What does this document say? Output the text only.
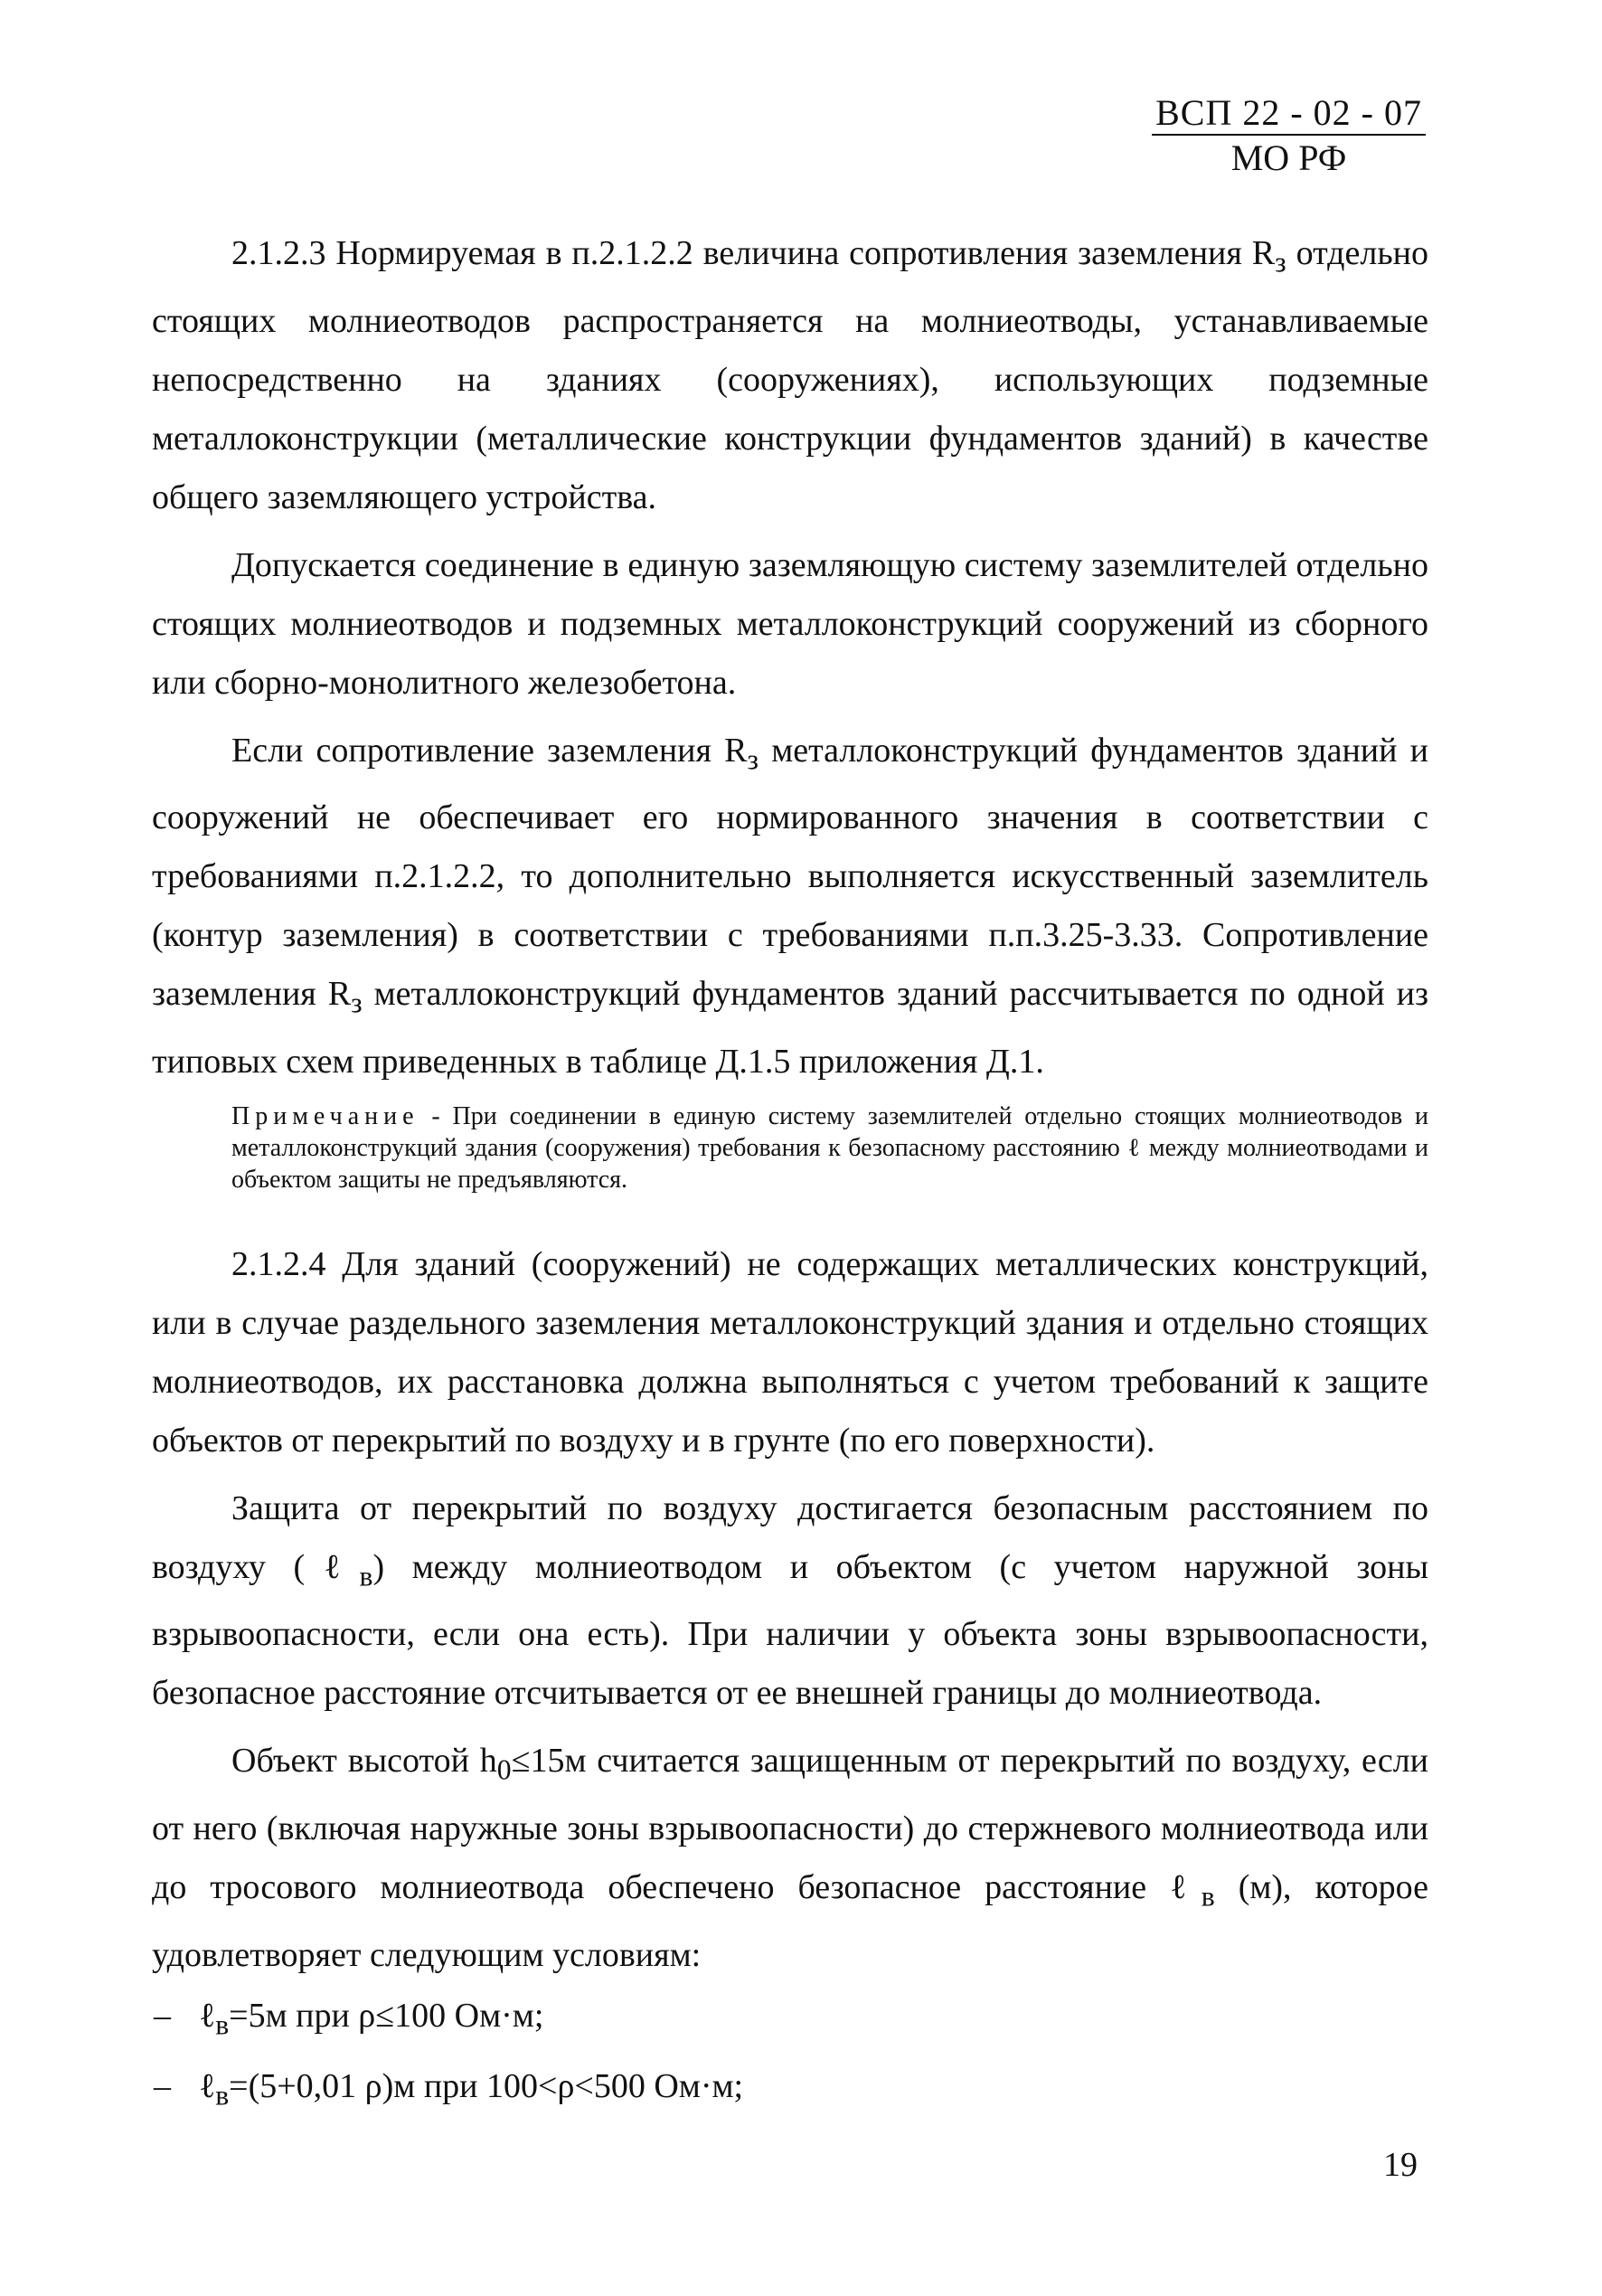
ВСП 22 - 02 - 07
МО РФ

2.1.2.3 Нормируемая в п.2.1.2.2 величина сопротивления заземления $R_з$ отдельно стоящих молниеотводов распространяется на молниеотводы, устанавливаемые непосредственно на зданиях (сооружениях), использующих подземные металлоконструкции (металлические конструкции фундаментов зданий) в качестве общего заземляющего устройства.

Допускается соединение в единую заземляющую систему заземлителей отдельно стоящих молниеотводов и подземных металлоконструкций сооружений из сборного или сборно-монолитного железобетона.

Если сопротивление заземления $R_з$ металлоконструкций фундаментов зданий и сооружений не обеспечивает его нормированного значения в соответствии с требованиями п.2.1.2.2, то дополнительно выполняется искусственный заземлитель (контур заземления) в соответствии с требованиями п.п.3.25-3.33. Сопротивление заземления $R_з$ металлоконструкций фундаментов зданий рассчитывается по одной из типовых схем приведенных в таблице Д.1.5 приложения Д.1.

Примечание - При соединении в единую систему заземлителей отдельно стоящих молниеотводов и металлоконструкций здания (сооружения) требования к безопасному расстоянию ℓ между молниеотводами и объектом защиты не предъявляются.

2.1.2.4 Для зданий (сооружений) не содержащих металлических конструкций, или в случае раздельного заземления металлоконструкций здания и отдельно стоящих молниеотводов, их расстановка должна выполняться с учетом требований к защите объектов от перекрытий по воздуху и в грунте (по его поверхности).

Защита от перекрытий по воздуху достигается безопасным расстоянием по воздуху (ℓ$_в$) между молниеотводом и объектом (с учетом наружной зоны взрывоопасности, если она есть). При наличии у объекта зоны взрывоопасности, безопасное расстояние отсчитывается от ее внешней границы до молниеотвода.

Объект высотой $h_0\le 15м$ считается защищенным от перекрытий по воздуху, если от него (включая наружные зоны взрывоопасности) до стержневого молниеотвода или до тросового молниеотвода обеспечено безопасное расстояние ℓ$_в$ (м), которое удовлетворяет следующим условиям:

– ℓ$_в$=5м при ρ≤100 Ом·м;

– ℓ$_в$=(5+0,01 ρ)м при 100<ρ<500 Ом·м;

19
